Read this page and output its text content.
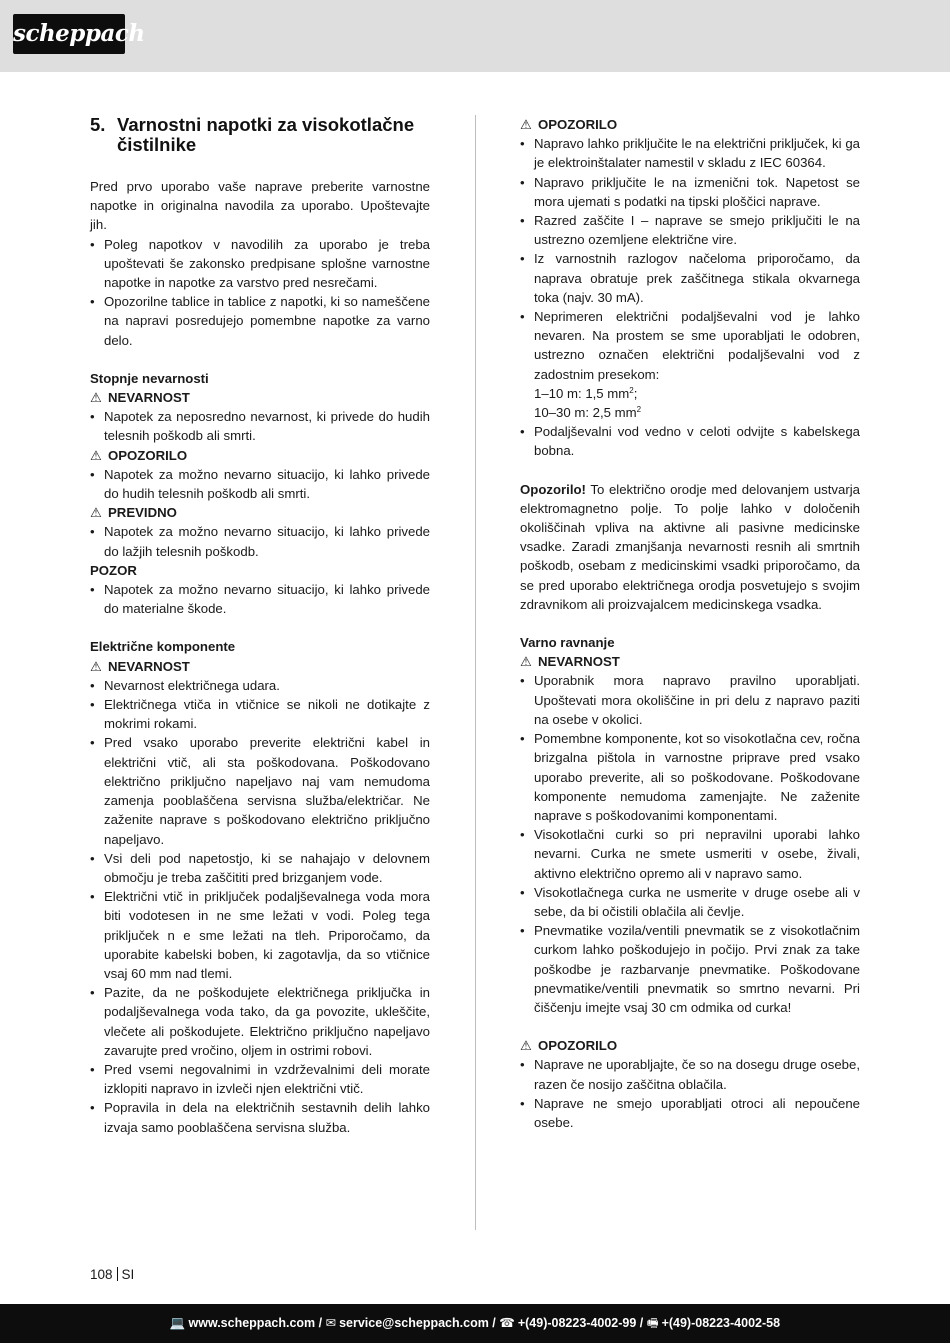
scheppach
5. Varnostni napotki za visokotlačne čistilnike

Pred prvo uporabo vaše naprave preberite varnostne napotke in originalna navodila za uporabo. Upoštevajte jih.

• Poleg napotkov v navodilih za uporabo je treba upoštevati še zakonsko predpisane splošne varnostne napotke in napotke za varstvo pred nesrečami.
• Opozorilne tablice in tablice z napotki, ki so nameščene na napravi posredujejo pomembne napotke za varno delo.

Stopnje nevarnosti

⚠ NEVARNOST

• Napotek za neposredno nevarnost, ki privede do hudih telesnih poškodb ali smrti.

⚠ OPOZORILO

• Napotek za možno nevarno situacijo, ki lahko privede do hudih telesnih poškodb ali smrti.

⚠ PREVIDNO

• Napotek za možno nevarno situacijo, ki lahko privede do lažjih telesnih poškodb.

POZOR

• Napotek za možno nevarno situacijo, ki lahko privede do materialne škode.

Električne komponente

⚠ NEVARNOST

• Nevarnost električnega udara.
• Električnega vtiča in vtičnice se nikoli ne dotikajte z mokrimi rokami.
• Pred vsako uporabo preverite električni kabel in električni vtič, ali sta poškodovana. Poškodovano električno priključno napeljavo naj vam nemudoma zamenja pooblaščena servisna služba/električar. Ne zaženite naprave s poškodovano električno priključno napeljavo.
• Vsi deli pod napetostjo, ki se nahajajo v delovnem območju je treba zaščititi pred brizganjem vode.
• Električni vtič in priključek podaljševalnega voda mora biti vodotesen in ne sme ležati v vodi. Poleg tega priključek n e sme ležati na tleh. Priporočamo, da uporabite kabelski boben, ki zagotavlja, da so vtičnice vsaj 60 mm nad tlemi.
• Pazite, da ne poškodujete električnega priključka in podaljševalnega voda tako, da ga povozite, ukleščite, vlečete ali poškodujete. Električno priključno napeljavo zavarujte pred vročino, oljem in ostrimi robovi.
• Pred vsemi negovalnimi in vzdrževalnimi deli morate izklopiti napravo in izvleči njen električni vtič.
• Popravila in dela na električnih sestavnih delih lahko izvaja samo pooblaščena servisna služba.

⚠ OPOZORILO

• Napravo lahko priključite le na električni priključek, ki ga je elektroinštalater namestil v skladu z IEC 60364.
• Napravo priključite le na izmenični tok. Napetost se mora ujemati s podatki na tipski ploščici naprave.
• Razred zaščite I – naprave se smejo priključiti le na ustrezno ozemljene električne vire.
• Iz varnostnih razlogov načeloma priporočamo, da naprava obratuje prek zaščitnega stikala okvarnega toka (najv. 30 mA).
• Neprimeren električni podaljševalni vod je lahko nevaren. Na prostem se sme uporabljati le odobren, ustrezno označen električni podaljševalni vod z zadostnim presekom:
1–10 m: 1,5 $mm^2$;
10–30 m: 2,5 $mm^2$
• Podaljševalni vod vedno v celoti odvijte s kabelskega bobna.

Opozorilo! To električno orodje med delovanjem ustvarja elektromagnetno polje. To polje lahko v določenih okoliščinah vpliva na aktivne ali pasivne medicinske vsadke. Zaradi zmanjšanja nevarnosti resnih ali smrtnih poškodb, osebam z medicinskimi vsadki priporočamo, da se pred uporabo električnega orodja posvetujejo s svojim zdravnikom ali proizvajalcem medicinskega vsadka.

Varno ravnanje

⚠ NEVARNOST

• Uporabnik mora napravo pravilno uporabljati. Upoštevati mora okoliščine in pri delu z napravo paziti na osebe v okolici.
• Pomembne komponente, kot so visokotlačna cev, ročna brizgalna pištola in varnostne priprave pred vsako uporabo preverite, ali so poškodovane. Poškodovane komponente nemudoma zamenjajte. Ne zaženite naprave s poškodovanimi komponentami.
• Visokotlačni curki so pri nepravilni uporabi lahko nevarni. Curka ne smete usmeriti v osebe, živali, aktivno električno opremo ali v napravo samo.
• Visokotlačnega curka ne usmerite v druge osebe ali v sebe, da bi očistili oblačila ali čevlje.
• Pnevmatike vozila/ventili pnevmatik se z visokotlačnim curkom lahko poškodujejo in počijo. Prvi znak za take poškodbe je razbarvanje pnevmatike. Poškodovane pnevmatike/ventili pnevmatik so smrtno nevarni. Pri čiščenju imejte vsaj 30 cm odmika od curka!

⚠ OPOZORILO

• Naprave ne uporabljajte, če so na dosegu druge osebe, razen če nosijo zaščitna oblačila.
• Naprave ne smejo uporabljati otroci ali nepoučene osebe.
108 SI
💻 www.scheppach.com / ✉ service@scheppach.com / ☎ +(49)-08223-4002-99 / 🖷 +(49)-08223-4002-58
